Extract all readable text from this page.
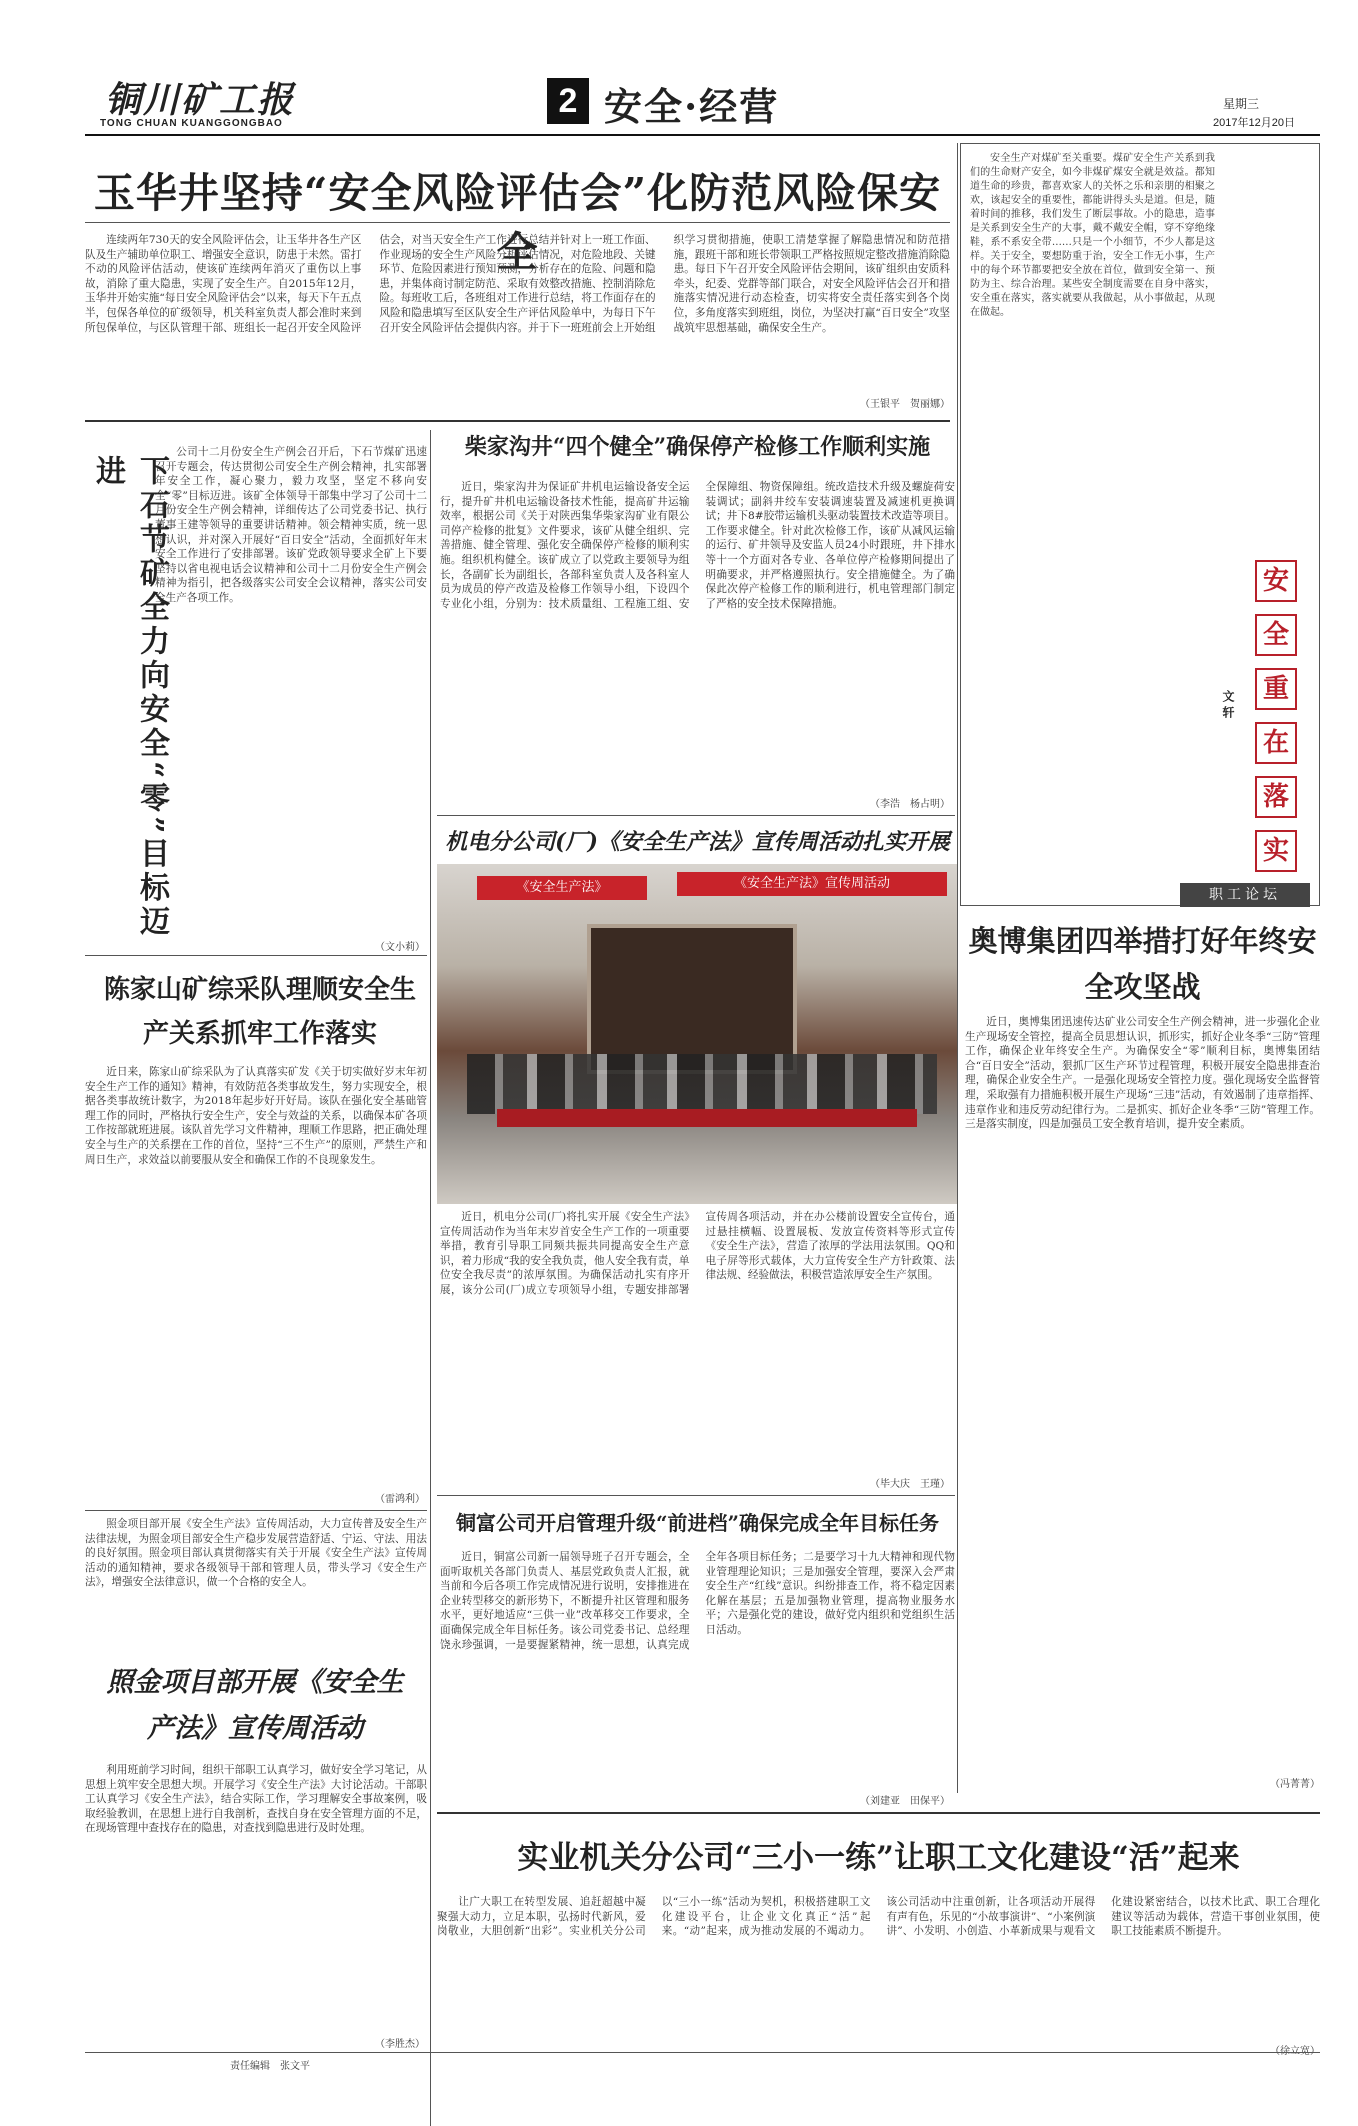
铜川矿工报
TONG CHUAN KUANGGONGBAO
2 安全·经营	星期三
2017年12月20日
玉华井坚持“安全风险评估会”化防范风险保安全

连续两年730天的安全风险评估会，让玉华井各生产区队及生产辅助单位职工、增强安全意识，防患于未然。雷打不动的风险评估活动，使该矿连续两年消灭了重伤以上事故，消除了重大隐患，实现了安全生产。自2015年12月，玉华井开始实施“每日安全风险评估会”以来，每天下午五点半，包保各单位的矿级领导，机关科室负责人都会准时来到所包保单位，与区队管理干部、班组长一起召开安全风险评估会，对当天安全生产工作进行总结并针对上一班工作面、作业现场的安全生产风险分析评估情况，对危险地段、关键环节、危险因素进行预知预测，分析存在的危险、问题和隐患，并集体商讨制定防范、采取有效整改措施、控制消除危险。每班收工后，各班组对工作进行总结，将工作面存在的风险和隐患填写至区队安全生产评估风险单中，为每日下午召开安全风险评估会提供内容。并于下一班班前会上开始组织学习贯彻措施，使职工清楚掌握了解隐患情况和防范措施，跟班干部和班长带领职工严格按照规定整改措施消除隐患。每日下午召开安全风险评估会期间，该矿组织由安质科牵头，纪委、党群等部门联合，对安全风险评估会召开和措施落实情况进行动态检查，切实将安全责任落实到各个岗位，多角度落实到班组，岗位，为坚决打赢“百日安全”攻坚战筑牢思想基础，确保安全生产。

（王银平　贺丽娜）
下石节矿全力向安全“零”目标迈进

公司十二月份安全生产例会召开后，下石节煤矿迅速召开专题会，传达贯彻公司安全生产例会精神，扎实部署年安全工作，凝心聚力，毅力攻坚，坚定不移向安全“零”目标迈进。该矿全体领导干部集中学习了公司十二月份安全生产例会精神，详细传达了公司党委书记、执行董事王建等领导的重要讲话精神。领会精神实质，统一思想认识，并对深入开展好“百日安全”活动，全面抓好年末安全工作进行了安排部署。该矿党政领导要求全矿上下要坚持以省电视电话会议精神和公司十二月份安全生产例会精神为指引，把各级落实公司安全会议精神，落实公司安全生产各项工作。

（文小莉）
陈家山矿综采队理顺安全生产关系抓牢工作落实

近日来，陈家山矿综采队为了认真落实矿发《关于切实做好岁末年初安全生产工作的通知》精神，有效防范各类事故发生，努力实现安全，根据各类事故统计数字，为2018年起步好开好局。该队在强化安全基础管理工作的同时，严格执行安全生产，安全与效益的关系，以确保本矿各项工作按部就班进展。该队首先学习文件精神，理顺工作思路，把正确处理安全与生产的关系摆在工作的首位，坚持“三不生产”的原则，严禁生产和周日生产，求效益以前要服从安全和确保工作的不良现象发生。

（雷鸿利）

照金项目部开展《安全生产法》宣传周活动，大力宣传普及安全生产法律法规，为照金项目部安全生产稳步发展营造舒适、宁运、守法、用法的良好氛围。照金项目部认真贯彻落实有关于开展《安全生产法》宣传周活动的通知精神，要求各级领导干部和管理人员，带头学习《安全生产法》，增强安全法律意识，做一个合格的安全人。

照金项目部开展《安全生产法》宣传周活动

利用班前学习时间，组织干部职工认真学习，做好安全学习笔记，从思想上筑牢安全思想大坝。开展学习《安全生产法》大讨论活动。干部职工认真学习《安全生产法》，结合实际工作，学习理解安全事故案例，吸取经验教训，在思想上进行自我剖析，查找自身在安全管理方面的不足，在现场管理中查找存在的隐患，对查找到隐患进行及时处理。

（李胜杰）
柴家沟井“四个健全”确保停产检修工作顺利实施

近日，柴家沟井为保证矿井机电运输设备安全运行，提升矿井机电运输设备技术性能，提高矿井运输效率，根据公司《关于对陕西集华柴家沟矿业有限公司停产检修的批复》文件要求，该矿从健全组织、完善措施、健全管理、强化安全确保停产检修的顺利实施。组织机构健全。该矿成立了以党政主要领导为组长，各副矿长为副组长，各部科室负责人及各科室人员为成员的停产改造及检修工作领导小组，下设四个专业化小组，分别为：技术质量组、工程施工组、安全保障组、物资保障组。统改造技术升级及螺旋荷安装调试；副斜井绞车安装调速装置及减速机更换调试；井下8#胶带运输机头驱动装置技术改造等项目。工作要求健全。针对此次检修工作，该矿从减风运输的运行、矿井领导及安监人员24小时跟班，井下排水等十一个方面对各专业、各单位停产检修期间提出了明确要求，并严格遵照执行。安全措施健全。为了确保此次停产检修工作的顺利进行，机电管理部门制定了严格的安全技术保障措施。

（李浩　杨占明）
机电分公司(厂)《安全生产法》宣传周活动扎实开展
《安全生产法》	《安全生产法》宣传周活动

近日，机电分公司(厂)将扎实开展《安全生产法》宣传周活动作为当年末岁首安全生产工作的一项重要举措，教育引导职工同频共振共同提高安全生产意识，着力形成“我的安全我负责，他人安全我有责，单位安全我尽责”的浓厚氛围。为确保活动扎实有序开展，该分公司(厂)成立专项领导小组，专题安排部署宣传周各项活动，并在办公楼前设置安全宣传台，通过悬挂横幅、设置展板、发放宣传资料等形式宣传《安全生产法》，营造了浓厚的学法用法氛围。QQ和电子屏等形式载体，大力宣传安全生产方针政策、法律法规、经验做法，积极营造浓厚安全生产氛围。

（毕大庆　王瑾）
铜富公司开启管理升级“前进档”确保完成全年目标任务

近日，铜富公司新一届领导班子召开专题会，全面听取机关各部门负责人、基层党政负责人汇报，就当前和今后各项工作完成情况进行说明，安排推进在企业转型移交的新形势下，不断提升社区管理和服务水平，更好地适应“三供一业”改革移交工作要求，全面确保完成全年目标任务。该公司党委书记、总经理饶永珍强调，一是要握紧精神，统一思想，认真完成全年各项目标任务；二是要学习十九大精神和现代物业管理理论知识；三是加强安全管理，要深入会严肃安全生产“红线”意识。纠纷排查工作，将不稳定因素化解在基层；五是加强物业管理，提高物业服务水平；六是强化党的建设，做好党内组织和党组织生活日活动。

（刘建亚　田保平）

安全生产对煤矿至关重要。煤矿安全生产关系到我们的生命财产安全，如今非煤矿煤安全就是效益。都知道生命的珍贵，都喜欢家人的关怀之乐和亲朋的相聚之欢，该起安全的重要性，都能讲得头头是道。但是，随着时间的推移，我们发生了断层事故。小的隐患，造事是关系到安全生产的大事，戴不戴安全帽，穿不穿绝缘鞋，系不系安全带……只是一个小细节，不少人都是这样。关于安全，要想防重于治，安全工作无小事，生产中的每个环节都要把安全放在首位，做到安全第一、预防为主、综合治理。某些安全制度需要在自身中落实，安全重在落实，落实就要从我做起，从小事做起，从现在做起。

安
全
重
在
落
实
文轩
职工论坛
奥博集团四举措打好年终安全攻坚战

近日，奥博集团迅速传达矿业公司安全生产例会精神，进一步强化企业生产现场安全管控，提高全员思想认识，抓形实，抓好企业冬季“三防”管理工作，确保企业年终安全生产。为确保安全“零”顺利目标，奥博集团结合“百日安全”活动，狠抓厂区生产环节过程管理，积极开展安全隐患排查治理，确保企业安全生产。一是强化现场安全管控力度。强化现场安全监督管理，采取强有力措施积极开展生产现场“三违”活动，有效遏制了违章指挥、违章作业和违反劳动纪律行为。二是抓实、抓好企业冬季“三防”管理工作。三是落实制度，四是加强员工安全教育培训，提升安全素质。

（冯菁菁）
实业机关分公司“三小一练”让职工文化建设“活”起来

让广大职工在转型发展、追赶超越中凝聚强大动力，立足本职，弘扬时代新风，爱岗敬业，大胆创新“出彩”。实业机关分公司以“三小一练”活动为契机，积极搭建职工文化建设平台，让企业文化真正“活”起来。“动”起来，成为推动发展的不竭动力。该公司活动中注重创新，让各项活动开展得有声有色，乐见的“小故事演讲”、“小案例演讲”、小发明、小创造、小革新成果与观看文化建设紧密结合，以技术比武、职工合理化建议等活动为载体，营造干事创业氛围，使职工技能素质不断提升。

责任编辑　张文平
